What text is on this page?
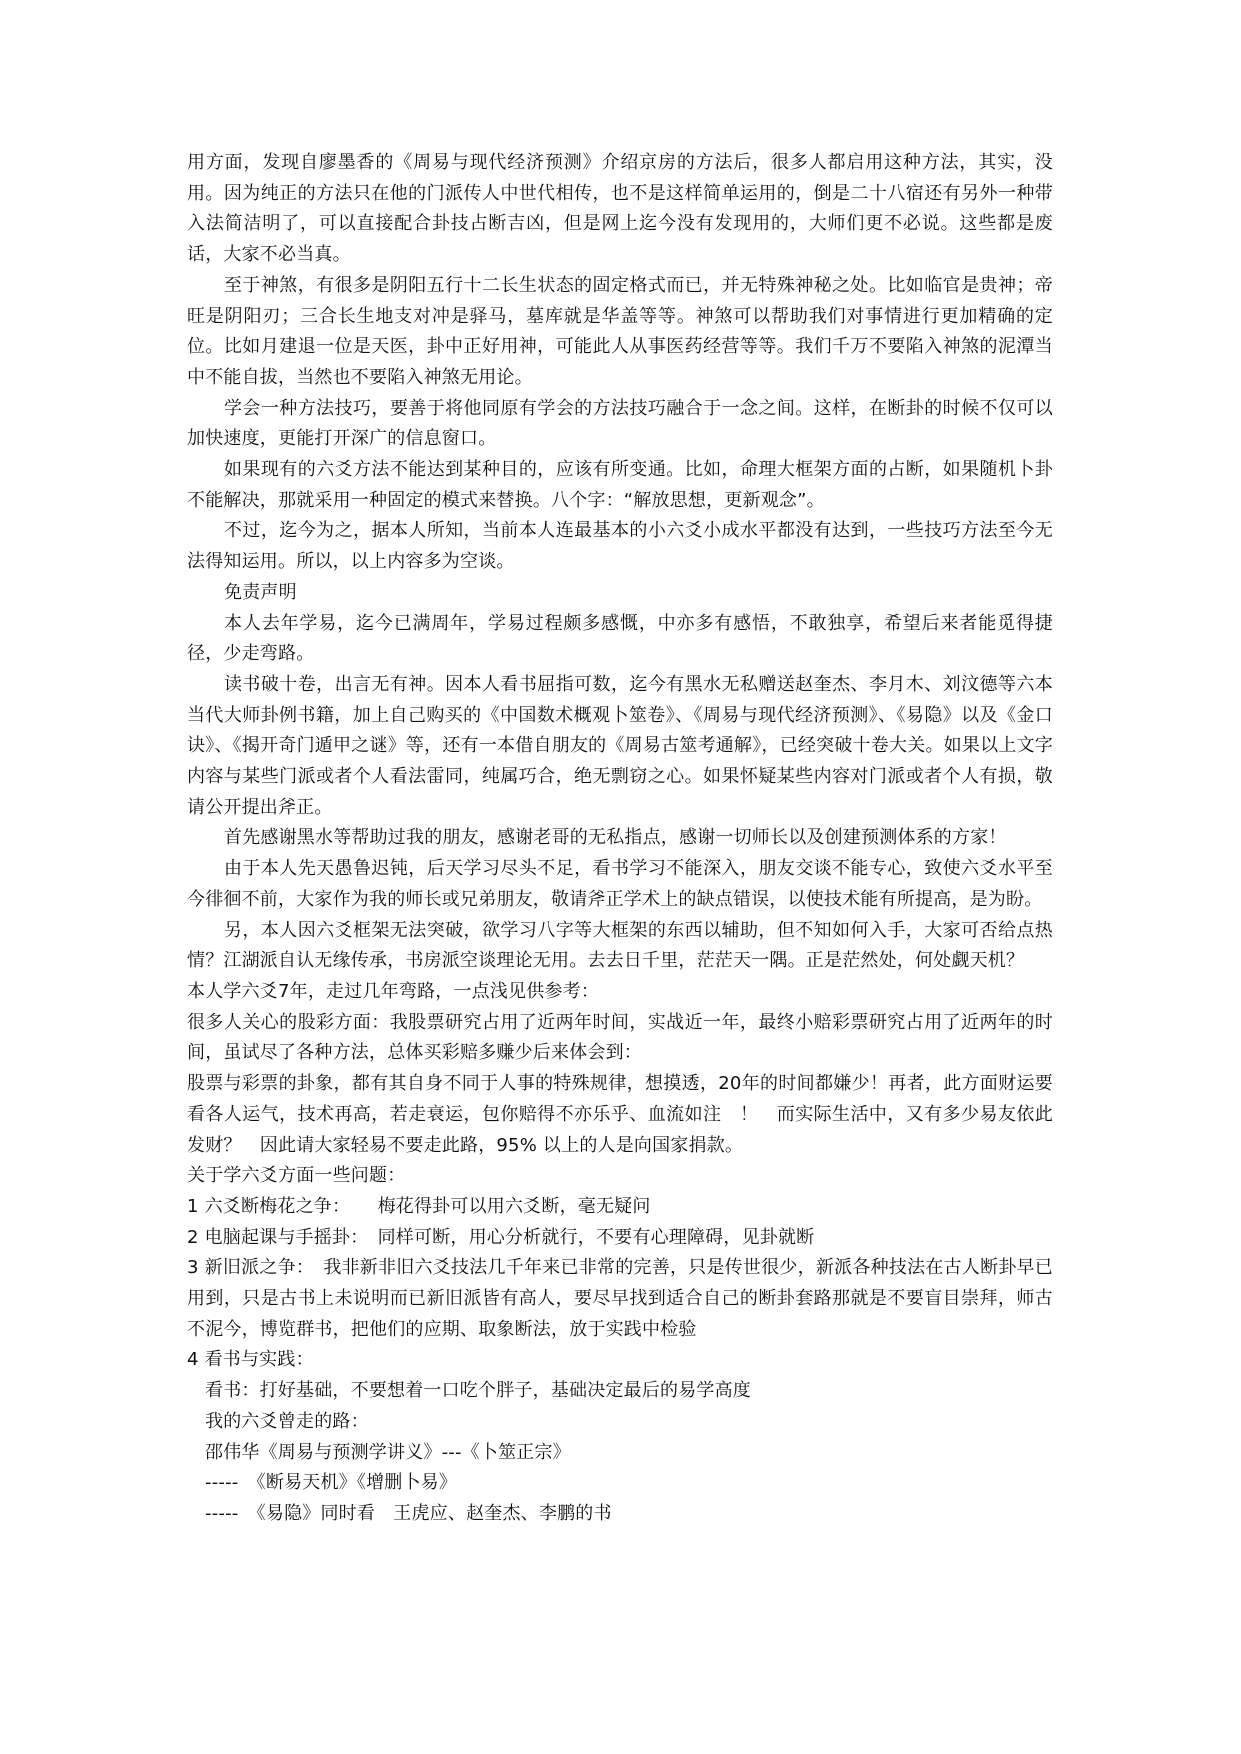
用方面，发现自廖墨香的《周易与现代经济预测》介绍京房的方法后，很多人都启用这种方法，其实，没用。因为纯正的方法只在他的门派传人中世代相传，也不是这样简单运用的，倒是二十八宿还有另外一种带入法简洁明了，可以直接配合卦技占断吉凶，但是网上迄今没有发现用的，大师们更不必说。这些都是废话，大家不必当真。

至于神煞，有很多是阴阳五行十二长生状态的固定格式而已，并无特殊神秘之处。比如临官是贵神；帝旺是阴阳刃；三合长生地支对冲是驿马，墓库就是华盖等等。神煞可以帮助我们对事情进行更加精确的定位。比如月建退一位是天医，卦中正好用神，可能此人从事医药经营等等。我们千万不要陷入神煞的泥潭当中不能自拔，当然也不要陷入神煞无用论。

学会一种方法技巧，要善于将他同原有学会的方法技巧融合于一念之间。这样，在断卦的时候不仅可以加快速度，更能打开深广的信息窗口。

如果现有的六爻方法不能达到某种目的，应该有所变通。比如，命理大框架方面的占断，如果随机卜卦不能解决，那就采用一种固定的模式来替换。八个字：“解放思想，更新观念”。

不过，迄今为之，据本人所知，当前本人连最基本的小六爻小成水平都没有达到，一些技巧方法至今无法得知运用。所以，以上内容多为空谈。

免责声明

本人去年学易，迄今已满周年，学易过程颇多感慨，中亦多有感悟，不敢独享，希望后来者能觅得捷径，少走弯路。

读书破十卷，出言无有神。因本人看书屈指可数，迄今有黑水无私赠送赵奎杰、李月木、刘汶德等六本当代大师卦例书籍，加上自己购买的《中国数术概观卜筮卷》、《周易与现代经济预测》、《易隐》以及《金口诀》、《揭开奇门遁甲之谜》等，还有一本借自朋友的《周易古筮考通解》，已经突破十卷大关。如果以上文字内容与某些门派或者个人看法雷同，纯属巧合，绝无剽窃之心。如果怀疑某些内容对门派或者个人有损，敬请公开提出斧正。

首先感谢黑水等帮助过我的朋友，感谢老哥的无私指点，感谢一切师长以及创建预测体系的方家！

由于本人先天愚鲁迟钝，后天学习尽头不足，看书学习不能深入，朋友交谈不能专心，致使六爻水平至今徘徊不前，大家作为我的师长或兄弟朋友，敬请斧正学术上的缺点错误，以使技术能有所提高，是为盼。

另，本人因六爻框架无法突破，欲学习八字等大框架的东西以辅助，但不知如何入手，大家可否给点热情？江湖派自认无缘传承，书房派空谈理论无用。去去日千里，茫茫天一隅。正是茫然处，何处觑天机？

本人学六爻7年，走过几年弯路，一点浅见供参考：

很多人关心的股彩方面：我股票研究占用了近两年时间，实战近一年，最终小赔彩票研究占用了近两年的时间，虽试尽了各种方法，总体买彩赔多赚少后来体会到：

股票与彩票的卦象，都有其自身不同于人事的特殊规律，想摸透，20年的时间都嫌少！再者，此方面财运要看各人运气，技术再高，若走衰运，包你赔得不亦乐乎、血流如注　！　而实际生活中，又有多少易友依此发财？　因此请大家轻易不要走此路，95% 以上的人是向国家捐款。

关于学六爻方面一些问题：

1 六爻断梅花之争：　　梅花得卦可以用六爻断，毫无疑问

2 电脑起课与手摇卦：　同样可断，用心分析就行，不要有心理障碍，见卦就断

3 新旧派之争：　我非新非旧六爻技法几千年来已非常的完善，只是传世很少，新派各种技法在古人断卦早已用到，只是古书上未说明而已新旧派皆有高人，要尽早找到适合自己的断卦套路那就是不要盲目崇拜，师古不泥今，博览群书，把他们的应期、取象断法，放于实践中检验

4 看书与实践：

看书：打好基础，不要想着一口吃个胖子，基础决定最后的易学高度

我的六爻曾走的路：

邵伟华《周易与预测学讲义》---《卜筮正宗》

-----　《断易天机》《增删卜易》

-----　《易隐》同时看　王虎应、赵奎杰、李鹏的书
